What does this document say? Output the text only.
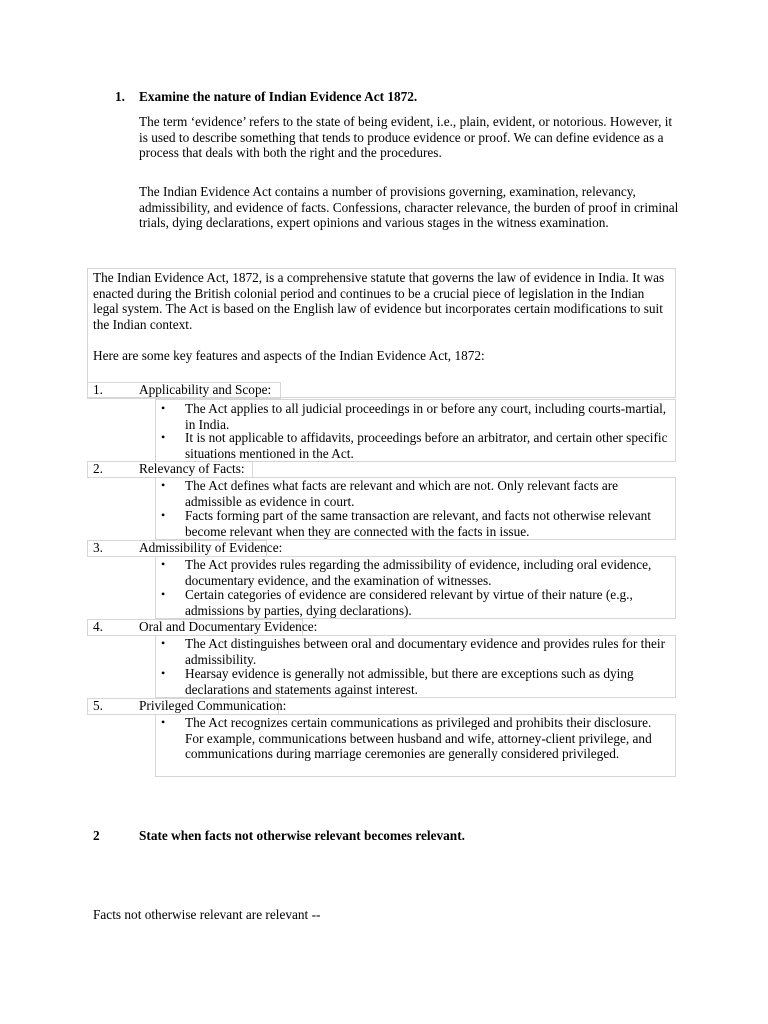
1. Examine the nature of Indian Evidence Act 1872.
The term ‘evidence’ refers to the state of being evident, i.e., plain, evident, or notorious. However, it is used to describe something that tends to produce evidence or proof. We can define evidence as a process that deals with both the right and the procedures.
The Indian Evidence Act contains a number of provisions governing, examination, relevancy, admissibility, and evidence of facts. Confessions, character relevance, the burden of proof in criminal trials, dying declarations, expert opinions and various stages in the witness examination.
The Indian Evidence Act, 1872, is a comprehensive statute that governs the law of evidence in India. It was enacted during the British colonial period and continues to be a crucial piece of legislation in the Indian legal system. The Act is based on the English law of evidence but incorporates certain modifications to suit the Indian context.
Here are some key features and aspects of the Indian Evidence Act, 1872:
1.	Applicability and Scope:
• The Act applies to all judicial proceedings in or before any court, including courts-martial, in India.
• It is not applicable to affidavits, proceedings before an arbitrator, and certain other specific situations mentioned in the Act.
2.	Relevancy of Facts:
• The Act defines what facts are relevant and which are not. Only relevant facts are admissible as evidence in court.
• Facts forming part of the same transaction are relevant, and facts not otherwise relevant become relevant when they are connected with the facts in issue.
3.	Admissibility of Evidence:
• The Act provides rules regarding the admissibility of evidence, including oral evidence, documentary evidence, and the examination of witnesses.
• Certain categories of evidence are considered relevant by virtue of their nature (e.g., admissions by parties, dying declarations).
4.	Oral and Documentary Evidence:
• The Act distinguishes between oral and documentary evidence and provides rules for their admissibility.
• Hearsay evidence is generally not admissible, but there are exceptions such as dying declarations and statements against interest.
5.	Privileged Communication:
• The Act recognizes certain communications as privileged and prohibits their disclosure. For example, communications between husband and wife, attorney-client privilege, and communications during marriage ceremonies are generally considered privileged.
2	State when facts not otherwise relevant becomes relevant.
Facts not otherwise relevant are relevant --
